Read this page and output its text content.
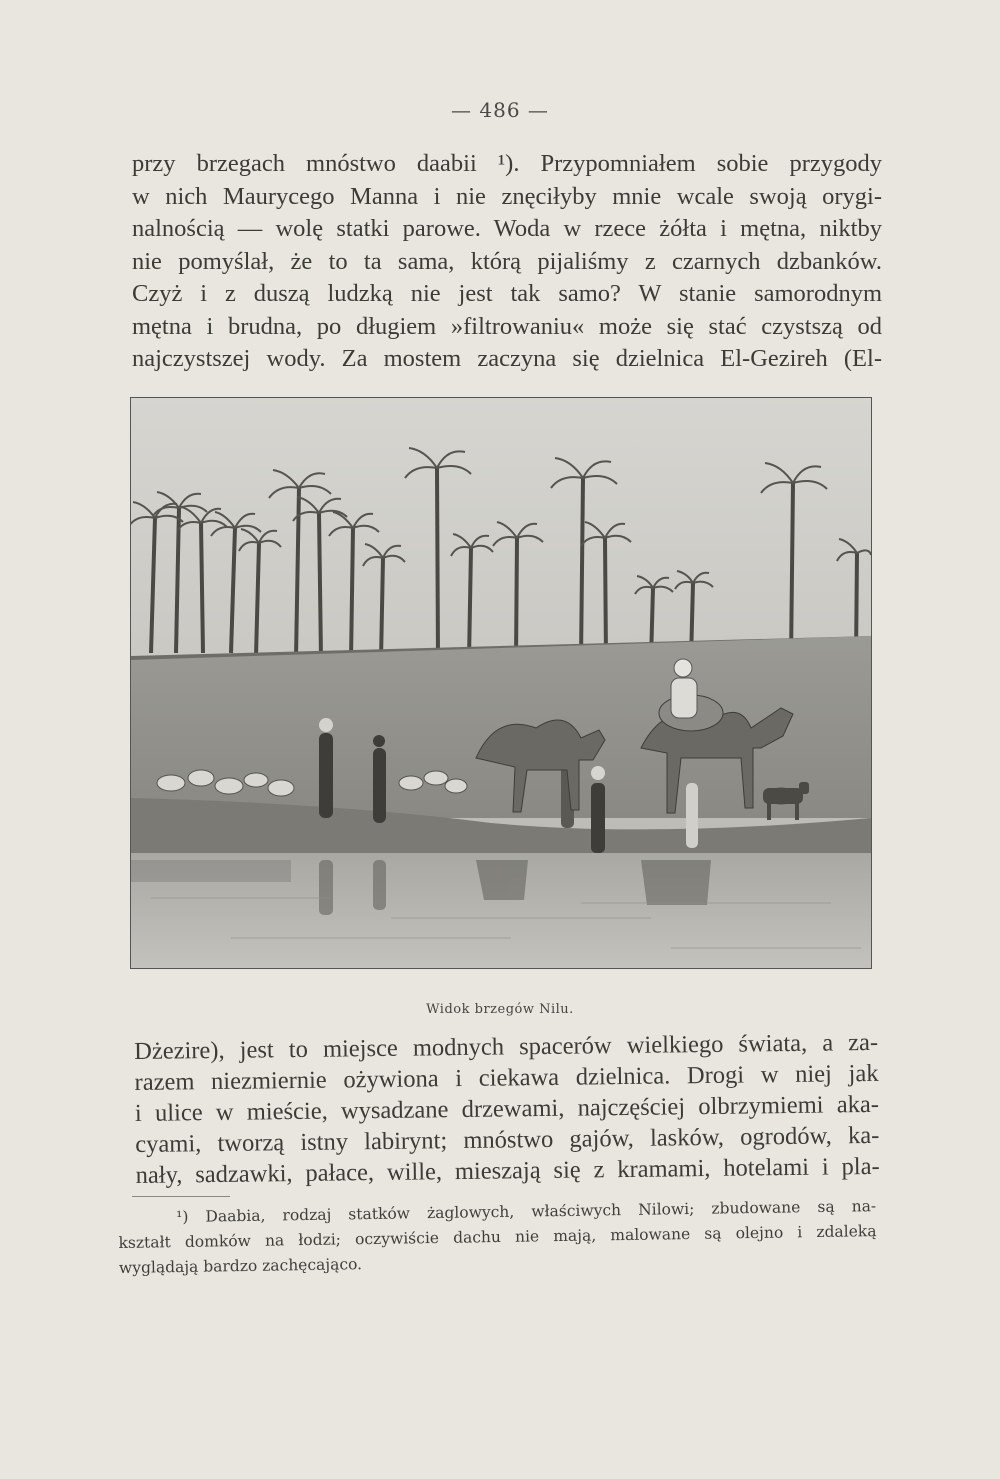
— 486 —
przy brzegach mnóstwo daabii ¹). Przypomniałem sobie przygody
w nich Maurycego Manna i nie znęciłyby mnie wcale swoją orygi-
nalnością — wolę statki parowe. Woda w rzece żółta i mętna, niktby
nie pomyślał, że to ta sama, którą pijaliśmy z czarnych dzbanków.
Czyż i z duszą ludzką nie jest tak samo? W stanie samorodnym
mętna i brudna, po długiem »filtrowaniu« może się stać czystszą od
najczystszej wody. Za mostem zaczyna się dzielnica El-Gezireh (El-
Widok brzegów Nilu.
Dżezire), jest to miejsce modnych spacerów wielkiego świata, a za-
razem niezmiernie ożywiona i ciekawa dzielnica. Drogi w niej jak
i ulice w mieście, wysadzane drzewami, najczęściej olbrzymiemi aka-
cyami, tworzą istny labirynt; mnóstwo gajów, lasków, ogrodów, ka-
nały, sadzawki, pałace, wille, mieszają się z kramami, hotelami i pla-
¹) Daabia, rodzaj statków żaglowych, właściwych Nilowi; zbudowane są na-
kształt domków na łodzi; oczywiście dachu nie mają, malowane są olejno i zdaleką
wyglądają bardzo zachęcająco.
